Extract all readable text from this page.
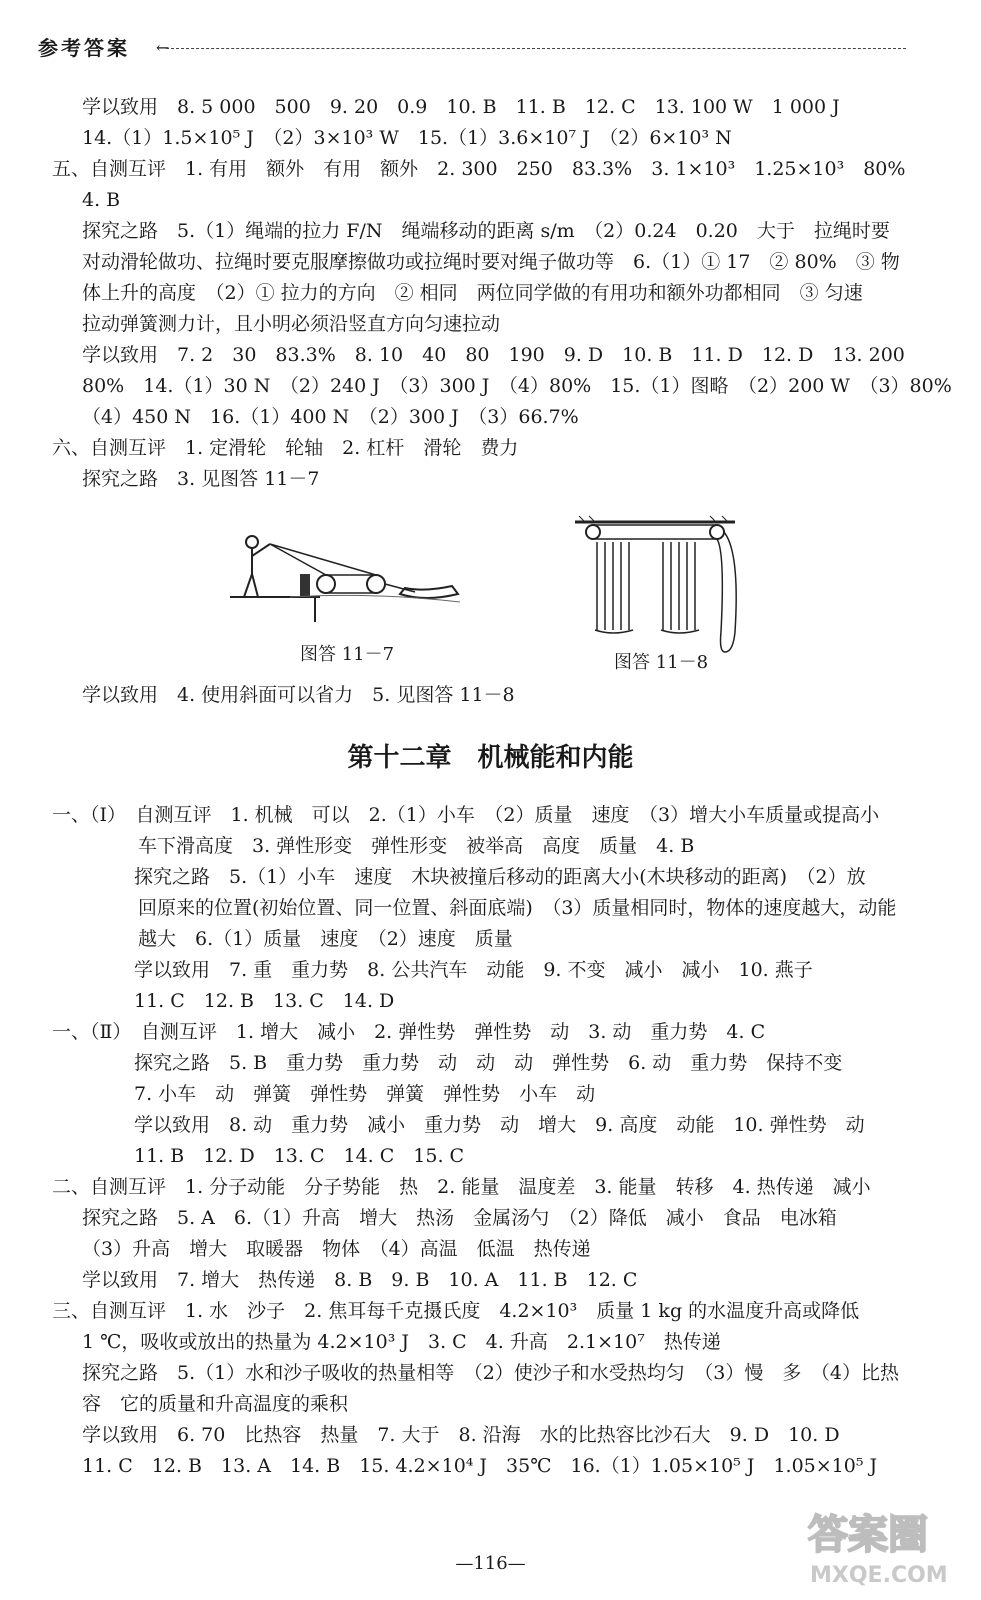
参考答案 ←
学以致用　8. 5 000　500　9. 20　0.9　10. B　11. B　12. C　13. 100 W　1 000 J
14.（1）1.5×10⁵ J　（2）3×10³ W　15.（1）3.6×10⁷ J　（2）6×10³ N
五、自测互评　1. 有用　额外　有用　额外　2. 300　250　83.3%　3. 1×10³　1.25×10³　80%
4. B
探究之路　5.（1）绳端的拉力 F/N　绳端移动的距离 s/m　（2）0.24　0.20　大于　拉绳时要
对动滑轮做功、拉绳时要克服摩擦做功或拉绳时要对绳子做功等　6.（1）① 17　② 80%　③ 物
体上升的高度　（2）① 拉力的方向　② 相同　两位同学做的有用功和额外功都相同　③ 匀速
拉动弹簧测力计，且小明必须沿竖直方向匀速拉动
学以致用　7. 2　30　83.3%　8. 10　40　80　190　9. D　10. B　11. D　12. D　13. 200
80%　14.（1）30 N　（2）240 J　（3）300 J　（4）80%　15.（1）图略　（2）200 W　（3）80%
（4）450 N　16.（1）400 N　（2）300 J　（3）66.7%
六、自测互评　1. 定滑轮　轮轴　2. 杠杆　滑轮　费力
探究之路　3. 见图答 11－7
图答 11－7	图答 11－8
学以致用　4. 使用斜面可以省力　5. 见图答 11－8
第十二章　机械能和内能
一、（Ⅰ）　自测互评　1. 机械　可以　2.（1）小车　（2）质量　速度　（3）增大小车质量或提高小
车下滑高度　3. 弹性形变　弹性形变　被举高　高度　质量　4. B
探究之路　5.（1）小车　速度　木块被撞后移动的距离大小(木块移动的距离)　（2）放
回原来的位置(初始位置、同一位置、斜面底端)　（3）质量相同时，物体的速度越大，动能
越大　6.（1）质量　速度　（2）速度　质量
学以致用　7. 重　重力势　8. 公共汽车　动能　9. 不变　减小　减小　10. 燕子
11. C　12. B　13. C　14. D
一、（Ⅱ）　自测互评　1. 增大　减小　2. 弹性势　弹性势　动　3. 动　重力势　4. C
探究之路　5. B　重力势　重力势　动　动　动　弹性势　6. 动　重力势　保持不变
7. 小车　动　弹簧　弹性势　弹簧　弹性势　小车　动
学以致用　8. 动　重力势　减小　重力势　动　增大　9. 高度　动能　10. 弹性势　动
11. B　12. D　13. C　14. C　15. C
二、自测互评　1. 分子动能　分子势能　热　2. 能量　温度差　3. 能量　转移　4. 热传递　减小
探究之路　5. A　6.（1）升高　增大　热汤　金属汤勺　（2）降低　减小　食品　电冰箱
（3）升高　增大　取暖器　物体　（4）高温　低温　热传递
学以致用　7. 增大　热传递　8. B　9. B　10. A　11. B　12. C
三、自测互评　1. 水　沙子　2. 焦耳每千克摄氏度　4.2×10³　质量 1 kg 的水温度升高或降低
1 ℃，吸收或放出的热量为 4.2×10³ J　3. C　4. 升高　2.1×10⁷　热传递
探究之路　5.（1）水和沙子吸收的热量相等　（2）使沙子和水受热均匀　（3）慢　多　（4）比热
容　它的质量和升高温度的乘积
学以致用　6. 70　比热容　热量　7. 大于　8. 沿海　水的比热容比沙石大　9. D　10. D
11. C　12. B　13. A　14. B　15. 4.2×10⁴ J　35℃　16.（1）1.05×10⁵ J　1.05×10⁵ J
—116—
答案圈
MXQE.COM
